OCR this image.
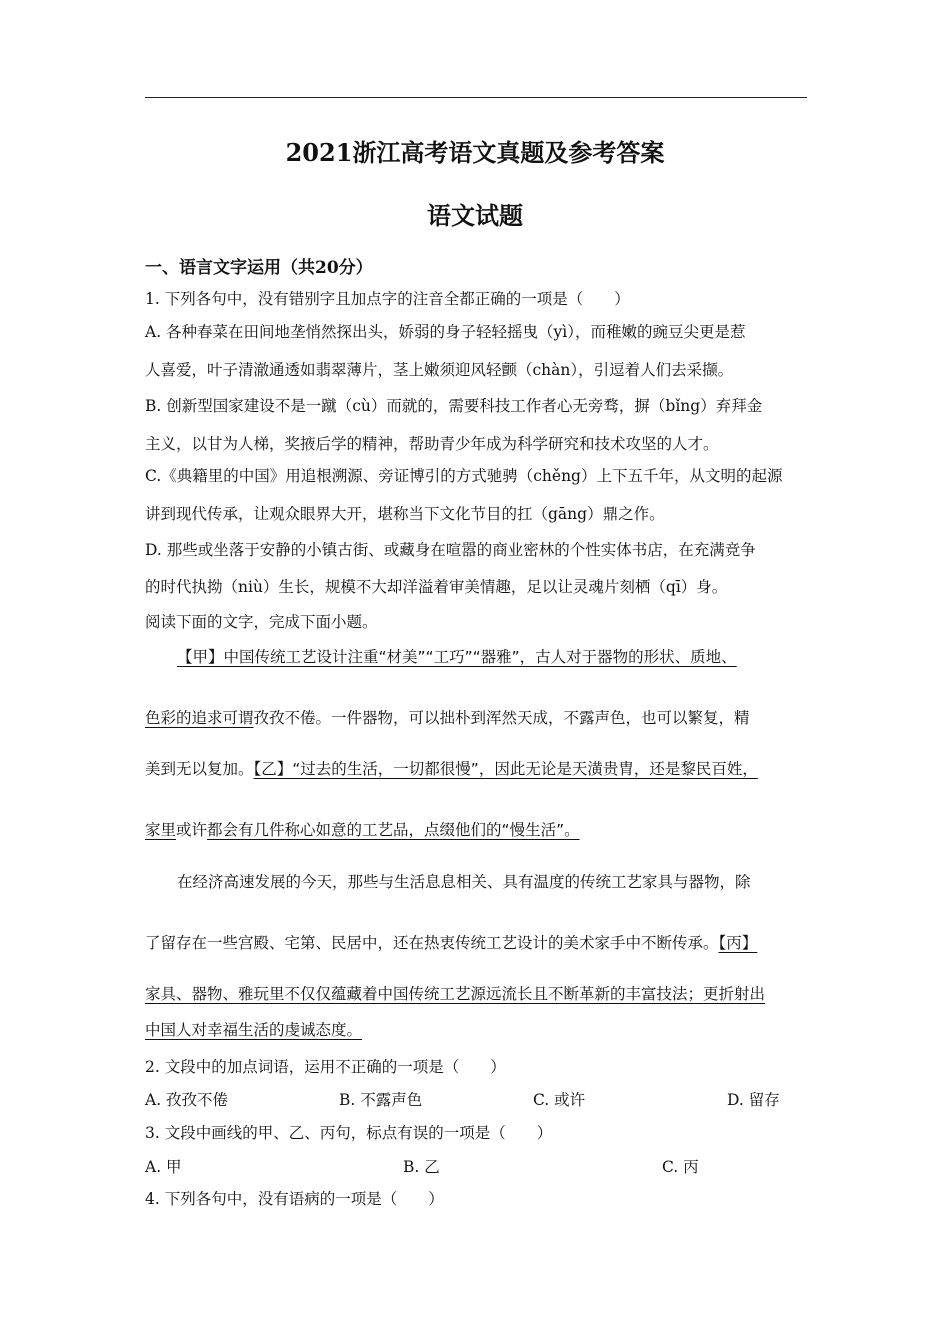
2021浙江高考语文真题及参考答案
语文试题
一、语言文字运用（共20分）
1. 下列各句中，没有错别字且加点字的注音全都正确的一项是（　　）
A. 各种春菜在田间地垄悄然探出头，娇弱的身子轻轻摇曳（yì），而稚嫩的豌豆尖更是惹
人喜爱，叶子清澈通透如翡翠薄片，茎上嫩须迎风轻颤（chàn），引逗着人们去采撷。
B. 创新型国家建设不是一蹴（cù）而就的，需要科技工作者心无旁骛，摒（bǐng）弃拜金
主义，以甘为人梯，奖掖后学的精神，帮助青少年成为科学研究和技术攻坚的人才。
C.《典籍里的中国》用追根溯源、旁证博引的方式驰骋（chěng）上下五千年，从文明的起源
讲到现代传承，让观众眼界大开，堪称当下文化节目的扛（gāng）鼎之作。
D. 那些或坐落于安静的小镇古街、或藏身在喧嚣的商业密林的个性实体书店，在充满竞争
的时代执拗（niù）生长，规模不大却洋溢着审美情趣，足以让灵魂片刻栖（qī）身。
阅读下面的文字，完成下面小题。
【甲】中国传统工艺设计注重“材美”“工巧”“器雅”，古人对于器物的形状、质地、
色彩的追求可谓孜孜不倦。一件器物，可以拙朴到浑然天成，不露声色，也可以繁复，精
美到无以复加。【乙】“过去的生活，一切都很慢”，因此无论是天潢贵胄，还是黎民百姓，
家里或许都会有几件称心如意的工艺品，点缀他们的“慢生活”。
在经济高速发展的今天，那些与生活息息相关、具有温度的传统工艺家具与器物，除
了留存在一些宫殿、宅第、民居中，还在热衷传统工艺设计的美术家手中不断传承。【丙】
家具、器物、雅玩里不仅仅蕴藏着中国传统工艺源远流长且不断革新的丰富技法；更折射出
中国人对幸福生活的虔诚态度。
2. 文段中的加点词语，运用不正确的一项是（　　）
A. 孜孜不倦	B. 不露声色	C. 或许	D. 留存
3. 文段中画线的甲、乙、丙句，标点有误的一项是（　　）
A. 甲	B. 乙	C. 丙
4. 下列各句中，没有语病的一项是（　　）
